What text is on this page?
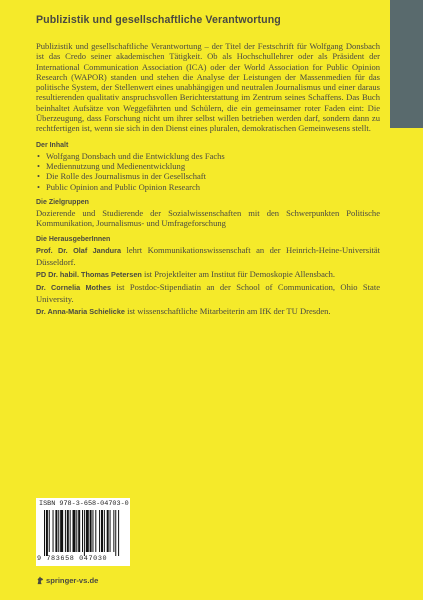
Publizistik und gesellschaftliche Verantwortung

Publizistik und gesellschaftliche Verantwortung – der Titel der Festschrift für Wolfgang Donsbach ist das Credo seiner akademischen Tätigkeit. Ob als Hochschullehrer oder als Präsident der International Communication Association (ICA) oder der World Association for Public Opinion Research (WAPOR) standen und stehen die Analyse der Leistungen der Massenmedien für das politische System, der Stellenwert eines unabhängigen und neutralen Journalismus und einer daraus resultierenden qualitativ anspruchsvollen Berichterstattung im Zentrum seines Schaffens. Das Buch beinhaltet Aufsätze von Weggefährten und Schülern, die ein gemeinsamer roter Faden eint: Die Überzeugung, dass Forschung nicht um ihrer selbst willen betrieben werden darf, sondern dann zu rechtfertigen ist, wenn sie sich in den Dienst eines pluralen, demokratischen Gemeinwesens stellt.

Der Inhalt
• Wolfgang Donsbach und die Entwicklung des Fachs
• Mediennutzung und Medienentwicklung
• Die Rolle des Journalismus in der Gesellschaft
• Public Opinion and Public Opinion Research
Die Zielgruppen

Dozierende und Studierende der Sozialwissenschaften mit den Schwerpunkten Politische Kommunikation, Journalismus- und Umfrageforschung

Die HerausgeberInnen

Prof. Dr. Olaf Jandura lehrt Kommunikationswissenschaft an der Heinrich-Heine-Universität Düsseldorf.

PD Dr. habil. Thomas Petersen ist Projektleiter am Institut für Demoskopie Allensbach.

Dr. Cornelia Mothes ist Postdoc-Stipendiatin an der School of Communication, Ohio State University.

Dr. Anna-Maria Schielicke ist wissenschaftliche Mitarbeiterin am IfK der TU Dresden.

ISBN 978-3-658-04703-0
9 783658 047030
springer-vs.de
